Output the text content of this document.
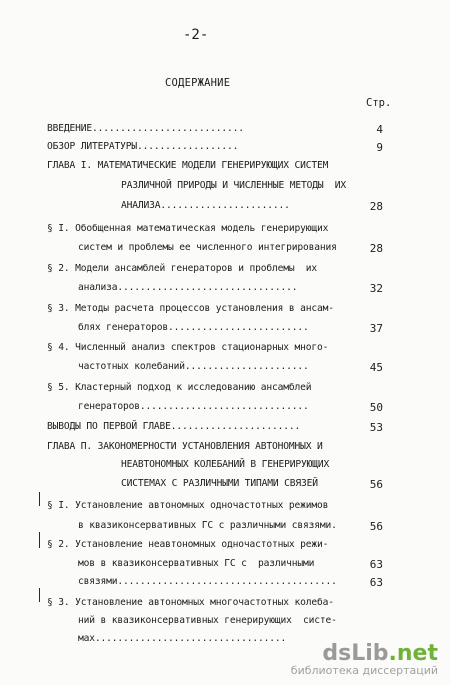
-2-
СОДЕРЖАНИЕ
Стр.
ВВЕДЕНИЕ...........................	4
ОБЗОР ЛИТЕРАТУРЫ..................	9
ГЛАВА I. МАТЕМАТИЧЕСКИЕ МОДЕЛИ ГЕНЕРИРУЮЩИХ СИСТЕМ
РАЗЛИЧНОЙ ПРИРОДЫ И ЧИСЛЕННЫЕ МЕТОДЫ  ИХ
АНАЛИЗА.......................	28
§ I. Обобщенная математическая модель генерирующих
систем и проблемы ее численного интегрирования	28
§ 2. Модели ансамблей генераторов и проблемы  их
анализа................................	32
§ 3. Методы расчета процессов установления в ансам-
блях генераторов.........................	37
§ 4. Численный анализ спектров стационарных много-
частотных колебаний......................	45
§ 5. Кластерный подход к исследованию ансамблей
генераторов..............................	50
ВЫВОДЫ ПО ПЕРВОЙ ГЛАВЕ.......................	53
ГЛАВА П. ЗАКОНОМЕРНОСТИ УСТАНОВЛЕНИЯ АВТОНОМНЫХ И
НЕАВТОНОМНЫХ КОЛЕБАНИЙ В ГЕНЕРИРУЮЩИХ
СИСТЕМАХ С РАЗЛИЧНЫМИ ТИПАМИ СВЯЗЕЙ	56
§ I. Установление автономных одночастотных режимов
в квазиконсервативных ГС с различными связями.	56
§ 2. Установление неавтономных одночастотных режи-
мов в квазиконсервативных ГС с  различными	63
связями.......................................	63
§ 3. Установление автономных многочастотных колеба-
ний в квазиконсервативных генерирующих  систе-
мах..................................
dsLib.net
библиотека диссертаций
